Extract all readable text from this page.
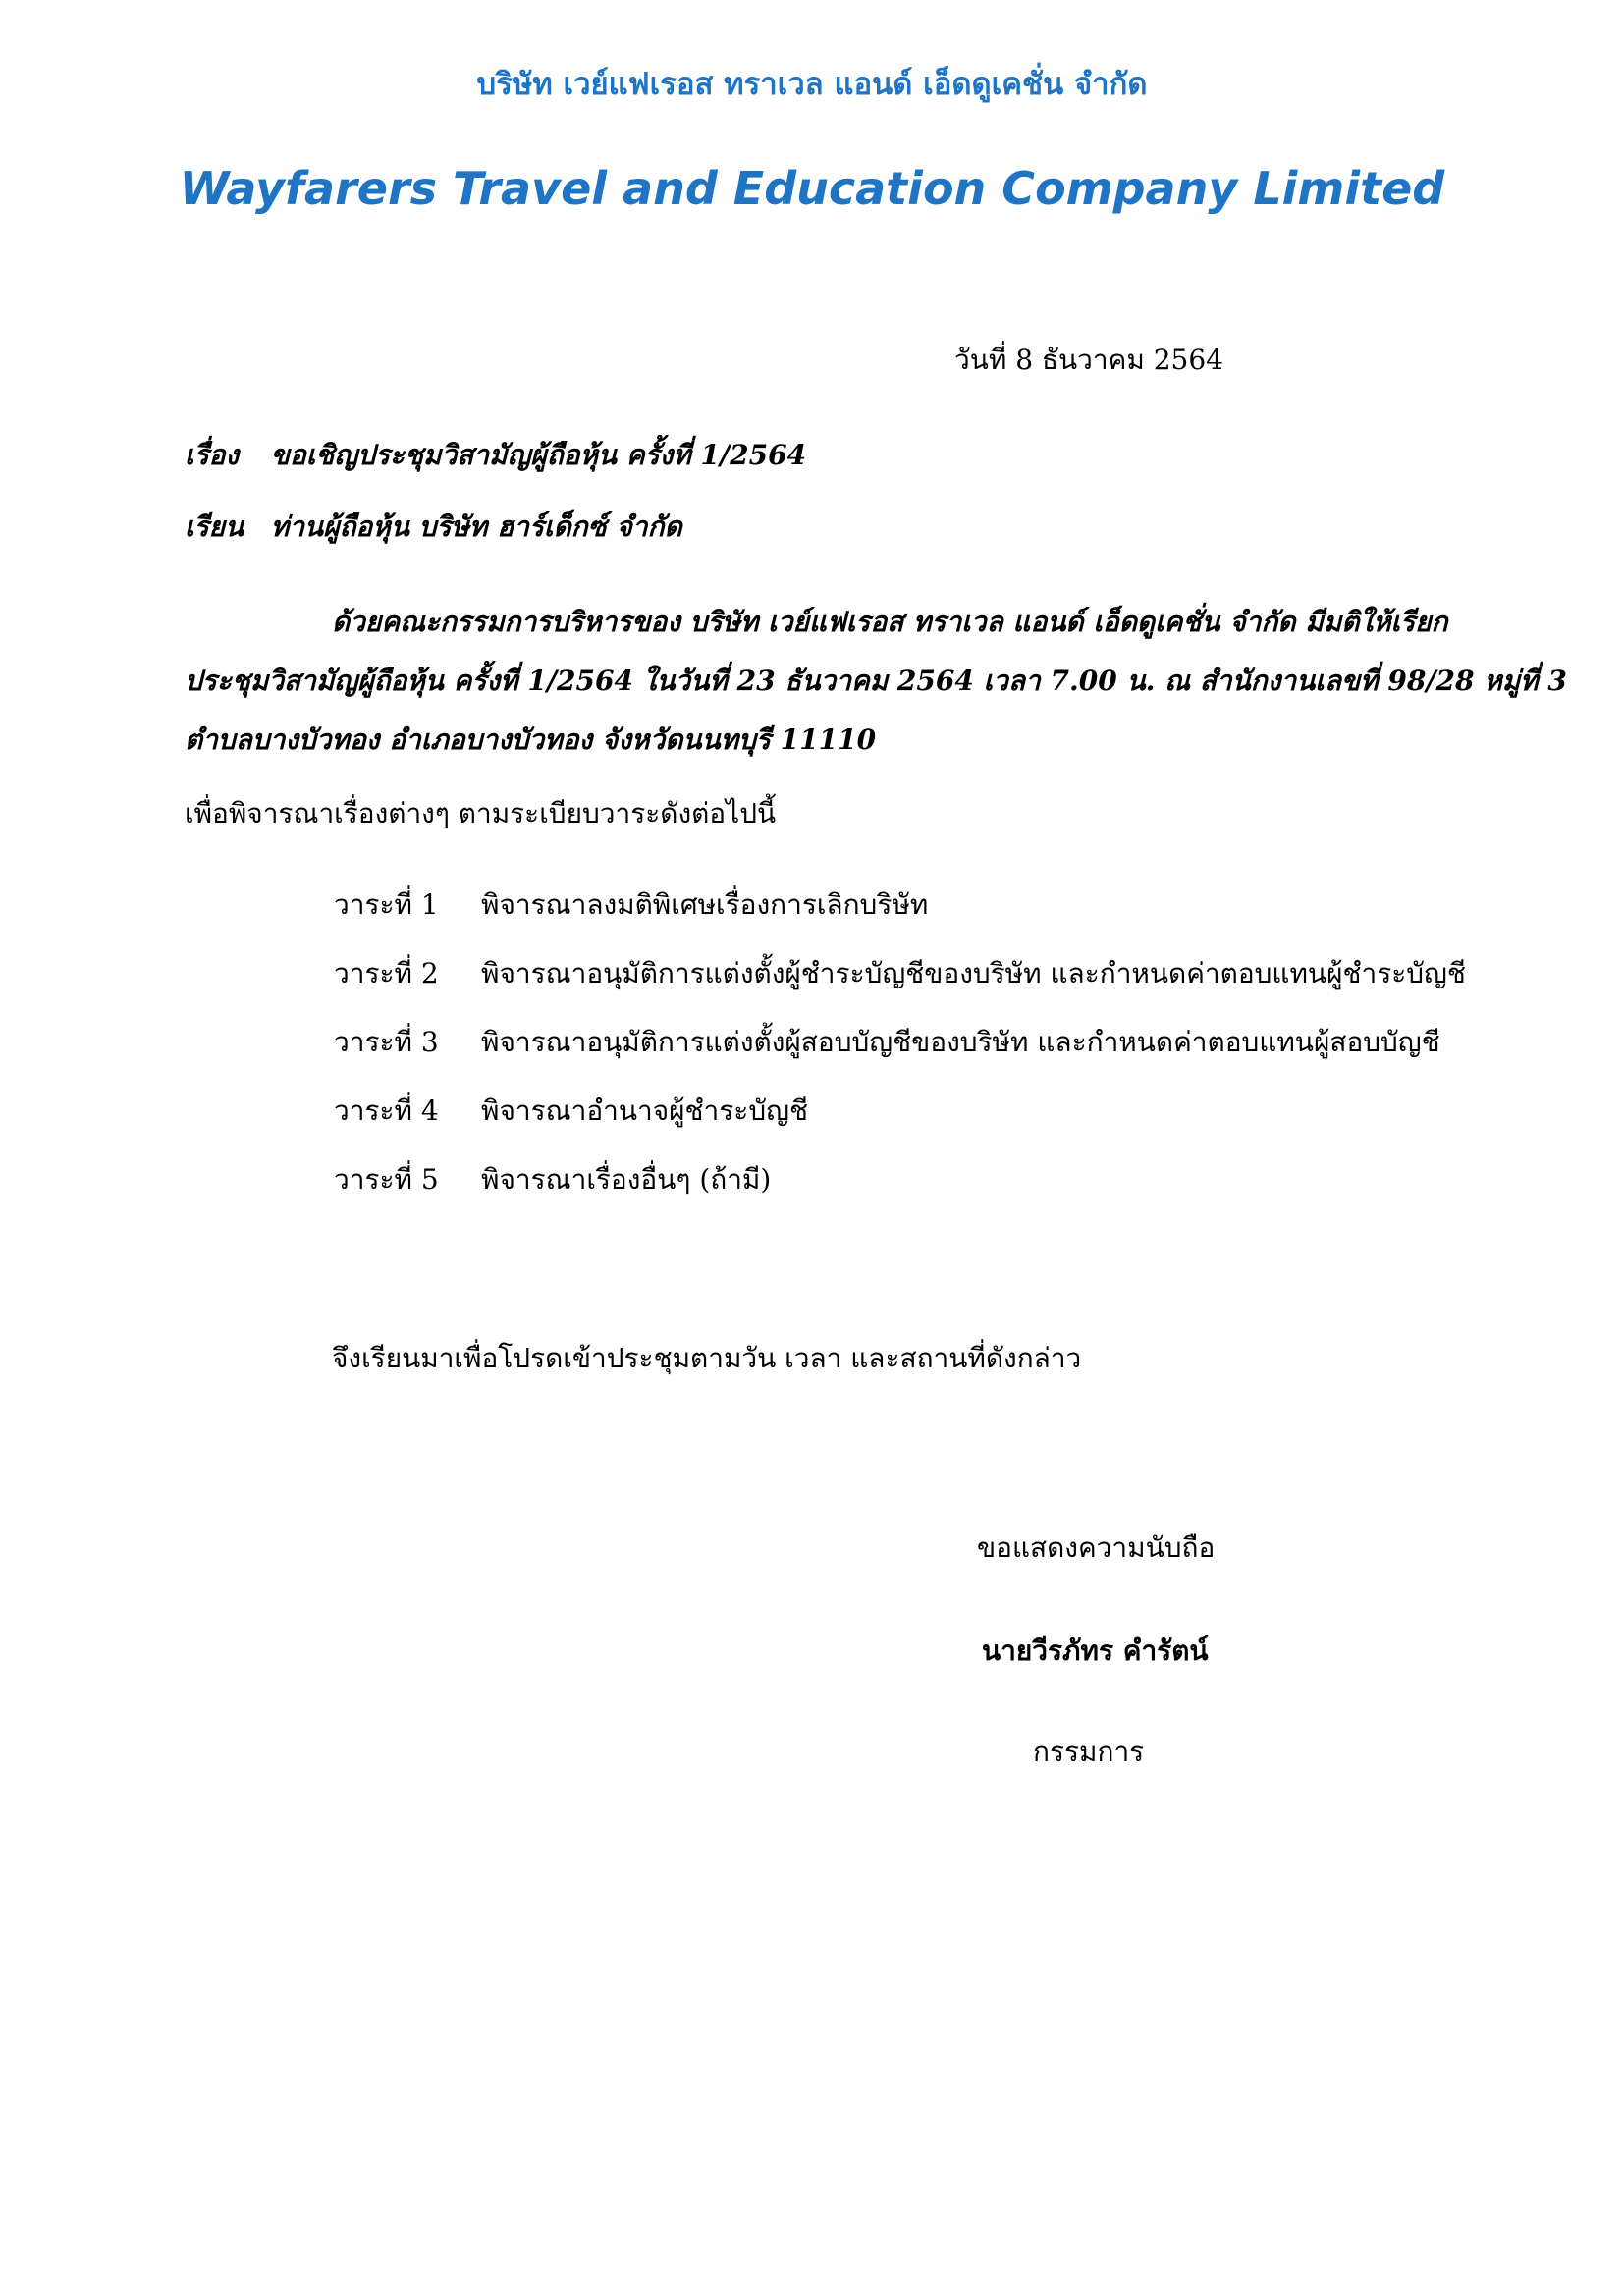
บริษัท เวย์แฟเรอส ทราเวล แอนด์ เอ็ดดูเคชั่น จำกัด
Wayfarers Travel and Education Company Limited
วันที่ 8 ธันวาคม 2564
เรื่อง ขอเชิญประชุมวิสามัญผู้ถือหุ้น ครั้งที่ 1/2564
เรียน ท่านผู้ถือหุ้น บริษัท ฮาร์เด็กซ์ จำกัด
ด้วยคณะกรรมการบริหารของ บริษัท เวย์แฟเรอส ทราเวล แอนด์ เอ็ดดูเคชั่น จำกัด มีมติให้เรียก
ประชุมวิสามัญผู้ถือหุ้น ครั้งที่ 1/2564 ในวันที่ 23 ธันวาคม 2564 เวลา 7.00 น. ณ สำนักงานเลขที่ 98/28 หมู่ที่ 3
ตำบลบางบัวทอง อำเภอบางบัวทอง จังหวัดนนทบุรี 11110
เพื่อพิจารณาเรื่องต่างๆ ตามระเบียบวาระดังต่อไปนี้
วาระที่ 1 พิจารณาลงมติพิเศษเรื่องการเลิกบริษัท
วาระที่ 2 พิจารณาอนุมัติการแต่งตั้งผู้ชำระบัญชีของบริษัท และกำหนดค่าตอบแทนผู้ชำระบัญชี
วาระที่ 3 พิจารณาอนุมัติการแต่งตั้งผู้สอบบัญชีของบริษัท และกำหนดค่าตอบแทนผู้สอบบัญชี
วาระที่ 4 พิจารณาอำนาจผู้ชำระบัญชี
วาระที่ 5 พิจารณาเรื่องอื่นๆ (ถ้ามี)
จึงเรียนมาเพื่อโปรดเข้าประชุมตามวัน เวลา และสถานที่ดังกล่าว
ขอแสดงความนับถือ
นายวีรภัทร คำรัตน์
กรรมการ
